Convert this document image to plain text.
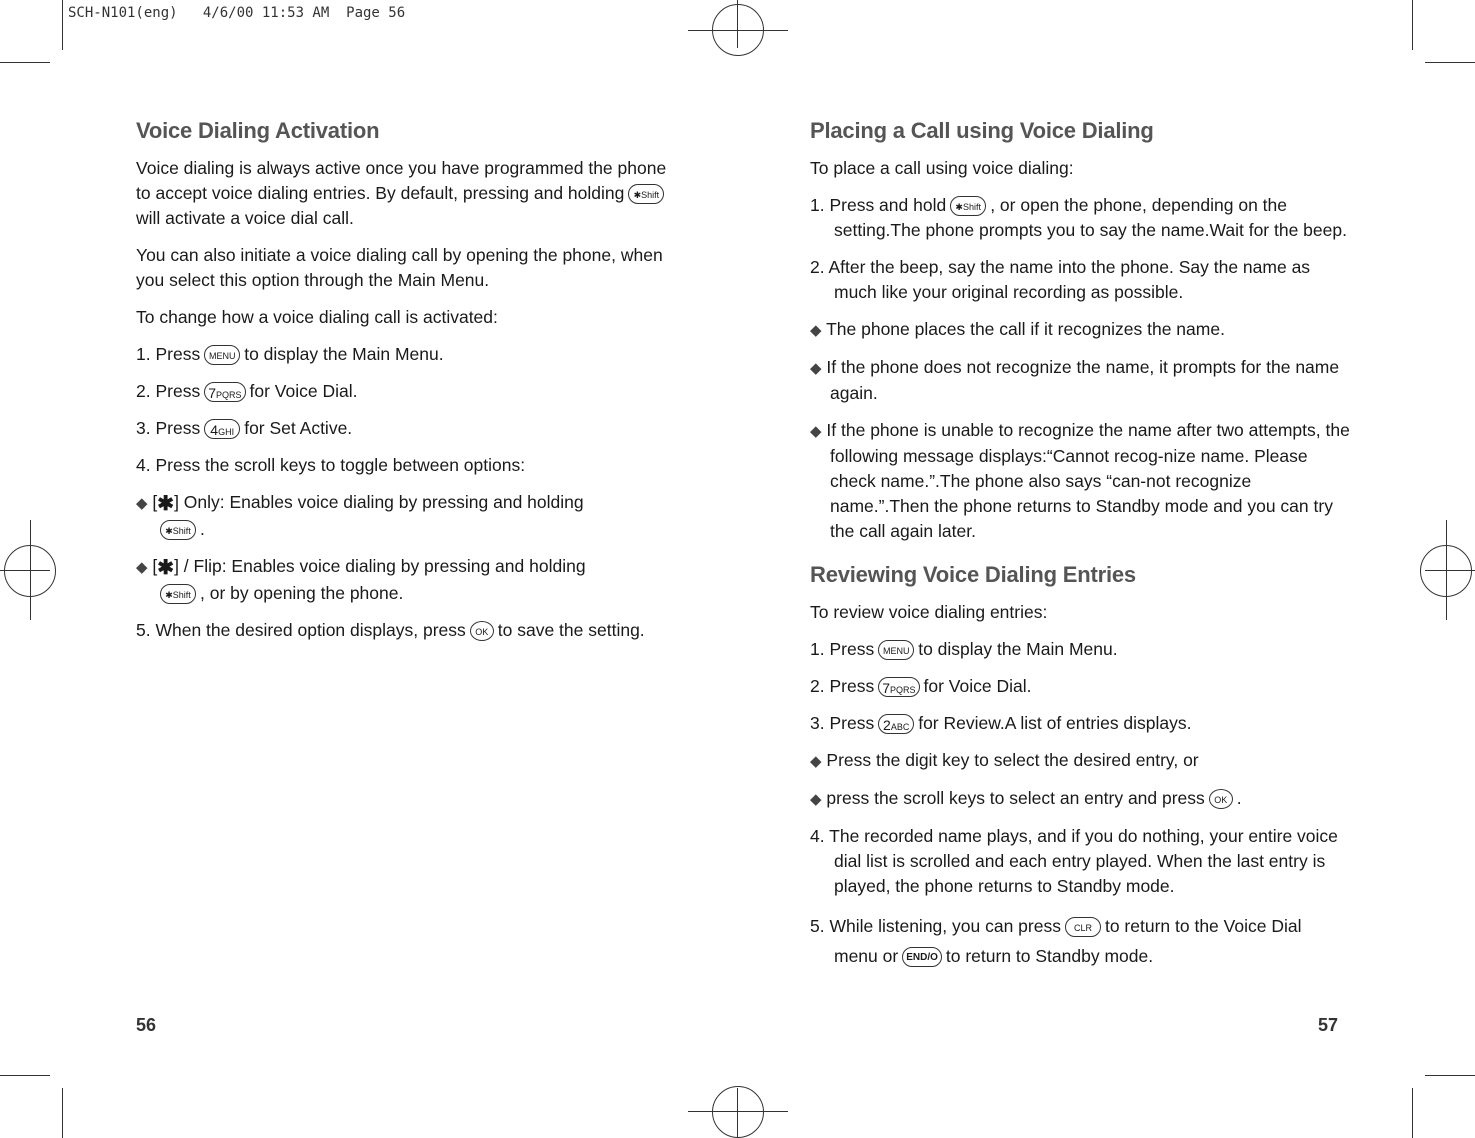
SCH-N101(eng)   4/6/00 11:53 AM  Page 56
Voice Dialing Activation

Voice dialing is always active once you have programmed the phone to accept voice dialing entries. By default, pressing and holding ✱Shiftwill activate a voice dial call.

You can also initiate a voice dialing call by opening the phone, when you select this option through the Main Menu.

To change how a voice dialing call is activated:

1. Press MENU to display the Main Menu.

2. Press 7PQRS for Voice Dial.

3. Press 4GHI for Set Active.

4. Press the scroll keys to toggle between options:

◆ [✱] Only: Enables voice dialing by pressing and holding
✱Shift .

◆ [✱] / Flip: Enables voice dialing by pressing and holding
✱Shift , or by opening the phone.

5. When the desired option displays, press OK to save the setting.

Placing a Call using Voice Dialing

To place a call using voice dialing:

1. Press and hold ✱Shift , or open the phone, depending on the setting.The phone prompts you to say the name.Wait for the beep.

2. After the beep, say the name into the phone. Say the name as much like your original recording as possible.

◆ The phone places the call if it recognizes the name.

◆ If the phone does not recognize the name, it prompts for the name again.

◆ If the phone is unable to recognize the name after two attempts, the following message displays:“Cannot recog-nize name. Please check name.”.The phone also says “can-not recognize name.”.Then the phone returns to Standby mode and you can try the call again later.

Reviewing Voice Dialing Entries

To review voice dialing entries:

1. Press MENU to display the Main Menu.

2. Press 7PQRS for Voice Dial.

3. Press 2ABC for Review.A list of entries displays.

◆ Press the digit key to select the desired entry, or

◆ press the scroll keys to select an entry and press OK .

4. The recorded name plays, and if you do nothing, your entire voice dial list is scrolled and each entry played. When the last entry is played, the phone returns to Standby mode.

5. While listening, you can press CLR to return to the Voice Dial menu or END/O to return to Standby mode.

56	57
